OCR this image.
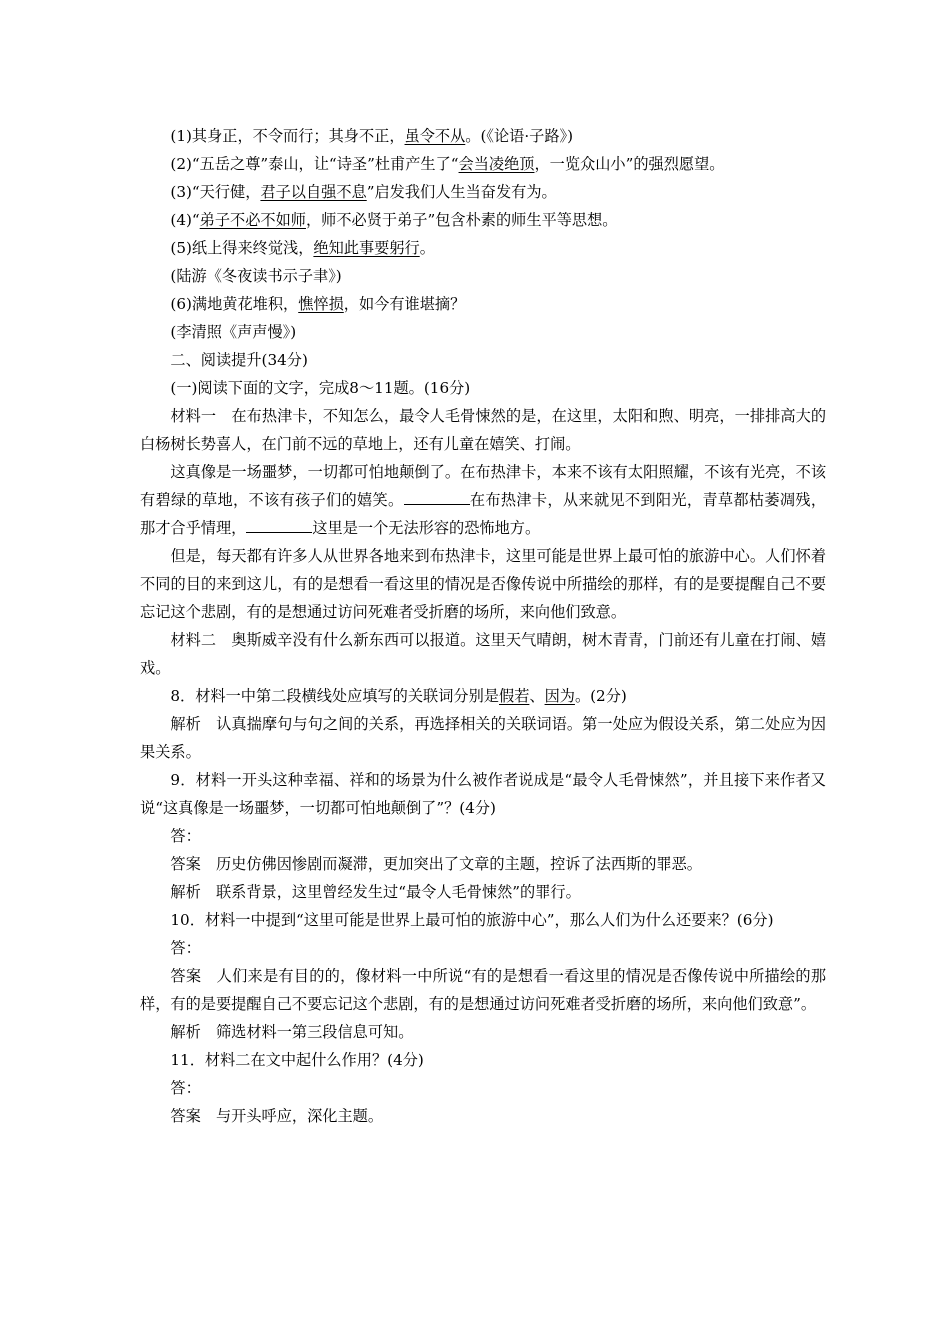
(1)其身正，不令而行；其身不正，虽令不从。(《论语·子路》)

(2)“五岳之尊”泰山，让“诗圣”杜甫产生了“会当凌绝顶，一览众山小”的强烈愿望。

(3)“天行健，君子以自强不息”启发我们人生当奋发有为。

(4)“弟子不必不如师，师不必贤于弟子”包含朴素的师生平等思想。

(5)纸上得来终觉浅，绝知此事要躬行。

(陆游《冬夜读书示子聿》)

(6)满地黄花堆积，憔悴损，如今有谁堪摘？

(李清照《声声慢》)

二、阅读提升(34分)

(一)阅读下面的文字，完成8～11题。(16分)

材料一 在布热津卡，不知怎么，最令人毛骨悚然的是，在这里，太阳和煦、明亮，一排排高大的白杨树长势喜人，在门前不远的草地上，还有儿童在嬉笑、打闹。

这真像是一场噩梦，一切都可怕地颠倒了。在布热津卡，本来不该有太阳照耀，不该有光亮，不该有碧绿的草地，不该有孩子们的嬉笑。	在布热津卡，从来就见不到阳光，青草都枯萎凋残，那才合乎情理，	这里是一个无法形容的恐怖地方。

但是，每天都有许多人从世界各地来到布热津卡，这里可能是世界上最可怕的旅游中心。人们怀着不同的目的来到这儿，有的是想看一看这里的情况是否像传说中所描绘的那样，有的是要提醒自己不要忘记这个悲剧，有的是想通过访问死难者受折磨的场所，来向他们致意。

材料二 奥斯威辛没有什么新东西可以报道。这里天气晴朗，树木青青，门前还有儿童在打闹、嬉戏。

8．材料一中第二段横线处应填写的关联词分别是假若、因为。(2分)

解析 认真揣摩句与句之间的关系，再选择相关的关联词语。第一处应为假设关系，第二处应为因果关系。

9．材料一开头这种幸福、祥和的场景为什么被作者说成是“最令人毛骨悚然”，并且接下来作者又说“这真像是一场噩梦，一切都可怕地颠倒了”？(4分)

答：

答案 历史仿佛因惨剧而凝滞，更加突出了文章的主题，控诉了法西斯的罪恶。

解析 联系背景，这里曾经发生过“最令人毛骨悚然”的罪行。

10．材料一中提到“这里可能是世界上最可怕的旅游中心”，那么人们为什么还要来？(6分)

答：

答案 人们来是有目的的，像材料一中所说“有的是想看一看这里的情况是否像传说中所描绘的那样，有的是要提醒自己不要忘记这个悲剧，有的是想通过访问死难者受折磨的场所，来向他们致意”。

解析 筛选材料一第三段信息可知。

11．材料二在文中起什么作用？(4分)

答：

答案 与开头呼应，深化主题。
